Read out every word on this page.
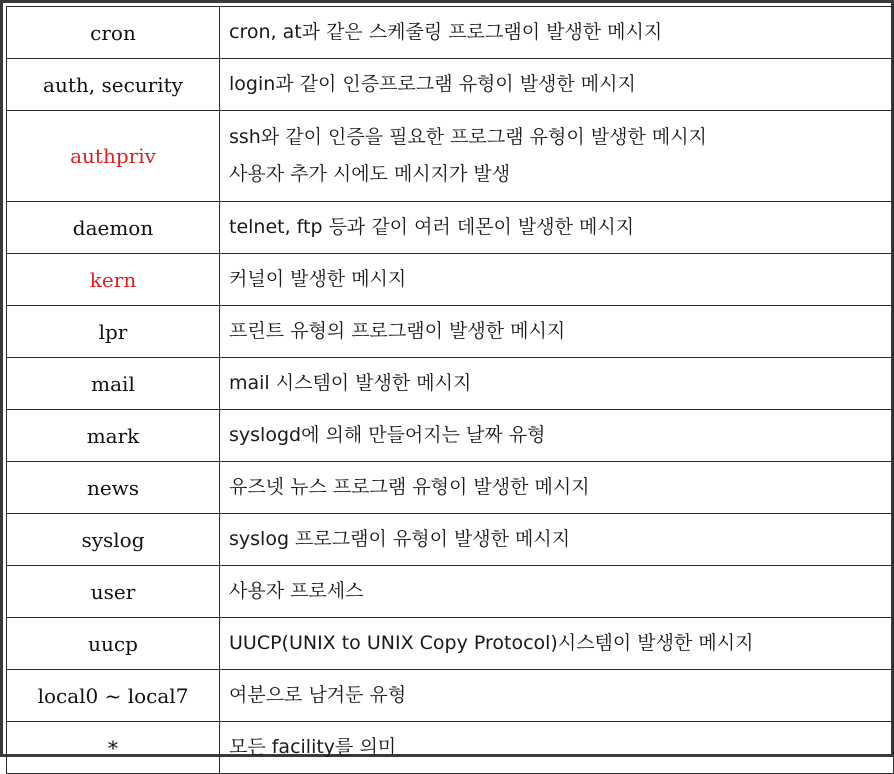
cron	cron, at과 같은 스케줄링 프로그램이 발생한 메시지
auth, security	login과 같이 인증프로그램 유형이 발생한 메시지
authpriv	ssh와 같이 인증을 필요한 프로그램 유형이 발생한 메시지
사용자 추가 시에도 메시지가 발생

daemon	telnet, ftp 등과 같이 여러 데몬이 발생한 메시지
kern	커널이 발생한 메시지
lpr	프린트 유형의 프로그램이 발생한 메시지
mail	mail 시스템이 발생한 메시지
mark	syslogd에 의해 만들어지는 날짜 유형
news	유즈넷 뉴스 프로그램 유형이 발생한 메시지
syslog	syslog 프로그램이 유형이 발생한 메시지
user	사용자 프로세스
uucp	UUCP(UNIX to UNIX Copy Protocol)시스템이 발생한 메시지
local0 ~ local7	여분으로 남겨둔 유형
*	모든 facility를 의미
